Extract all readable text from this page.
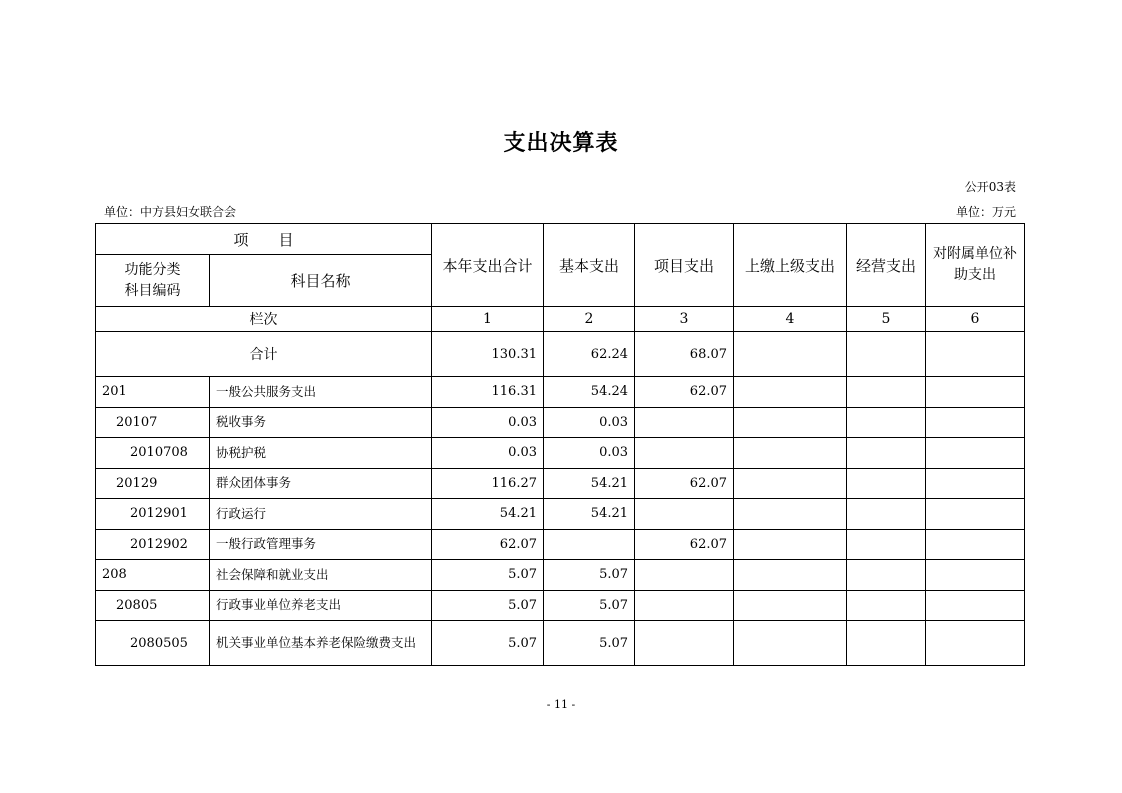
支出决算表
公开03表
单位：中方县妇女联合会	单位：万元
项　　目		本年支出合计	基本支出	项目支出	上缴上级支出	经营支出	对附属单位补助支出

功能分类科目编码	科目名称						
栏次		1	2	3	4	5	6
合计		130.31	62.24	68.07			
201	一般公共服务支出	116.31	54.24	62.07			
20107	税收事务	0.03	0.03				
2010708	协税护税	0.03	0.03				
20129	群众团体事务	116.27	54.21	62.07			
2012901	行政运行	54.21	54.21				
2012902	一般行政管理事务	62.07		62.07			
208	社会保障和就业支出	5.07	5.07				
20805	行政事业单位养老支出	5.07	5.07				
2080505	机关事业单位基本养老保险缴费支出	5.07	5.07				
- 11 -
